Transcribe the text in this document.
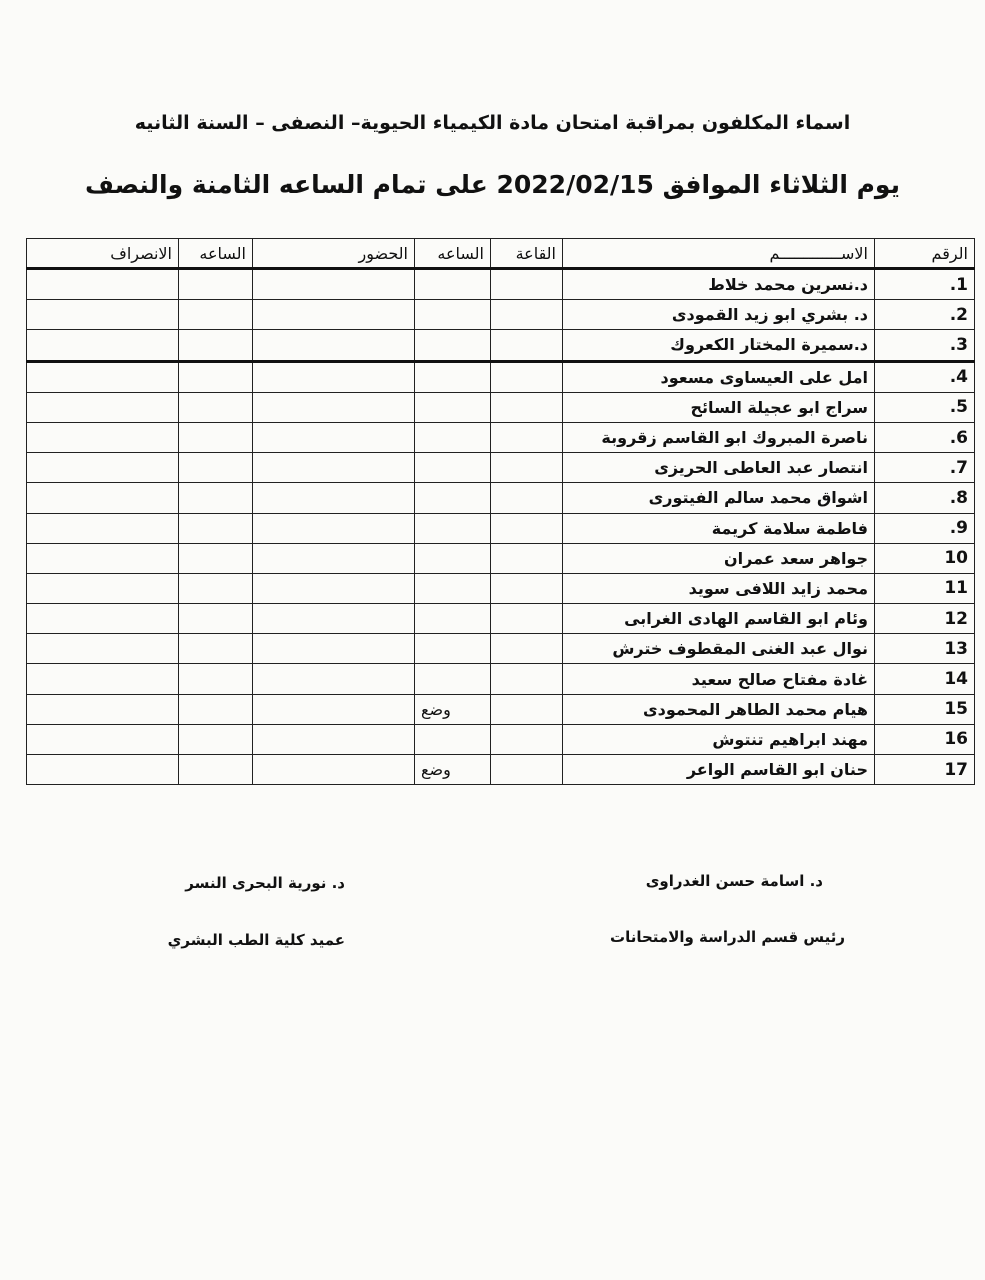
اسماء المكلفون بمراقبة امتحان مادة الكيمياء الحيوية– النصفى – السنة الثانيه
يوم الثلاثاء الموافق 2022/02/15 على تمام الساعه الثامنة والنصف
الرقم	الاســـــــــــــم	القاعة	الساعه	الحضور	الساعه	الانصراف
1.	د.نسرين محمد خلاط					
2.	د. بشري ابو زيد القمودى					
3.	د.سميرة المختار الكعروك					
4.	امل على العيساوى مسعود					
5.	سراج ابو عجيلة السائح					
6.	ناصرة المبروك ابو القاسم زقروبة					
7.	انتصار عبد العاطى الحريزى					
8.	اشواق محمد سالم الفيتورى					
9.	فاطمة سلامة كريمة					
10	جواهر سعد عمران					
11	محمد زايد اللافى سويد					
12	وئام ابو القاسم الهادى الغرابى					
13	نوال عبد الغنى المقطوف خترش					
14	غادة مفتاح صالح سعيد					
15	هيام محمد الطاهر المحمودى		وضع			
16	مهند ابراهيم تنتوش					
17	حنان ابو القاسم الواعر		وضع			
د. اسامة حسن الغدراوى
رئيس قسم الدراسة والامتحانات
د. نورية البحرى النسر
عميد كلية الطب البشري
